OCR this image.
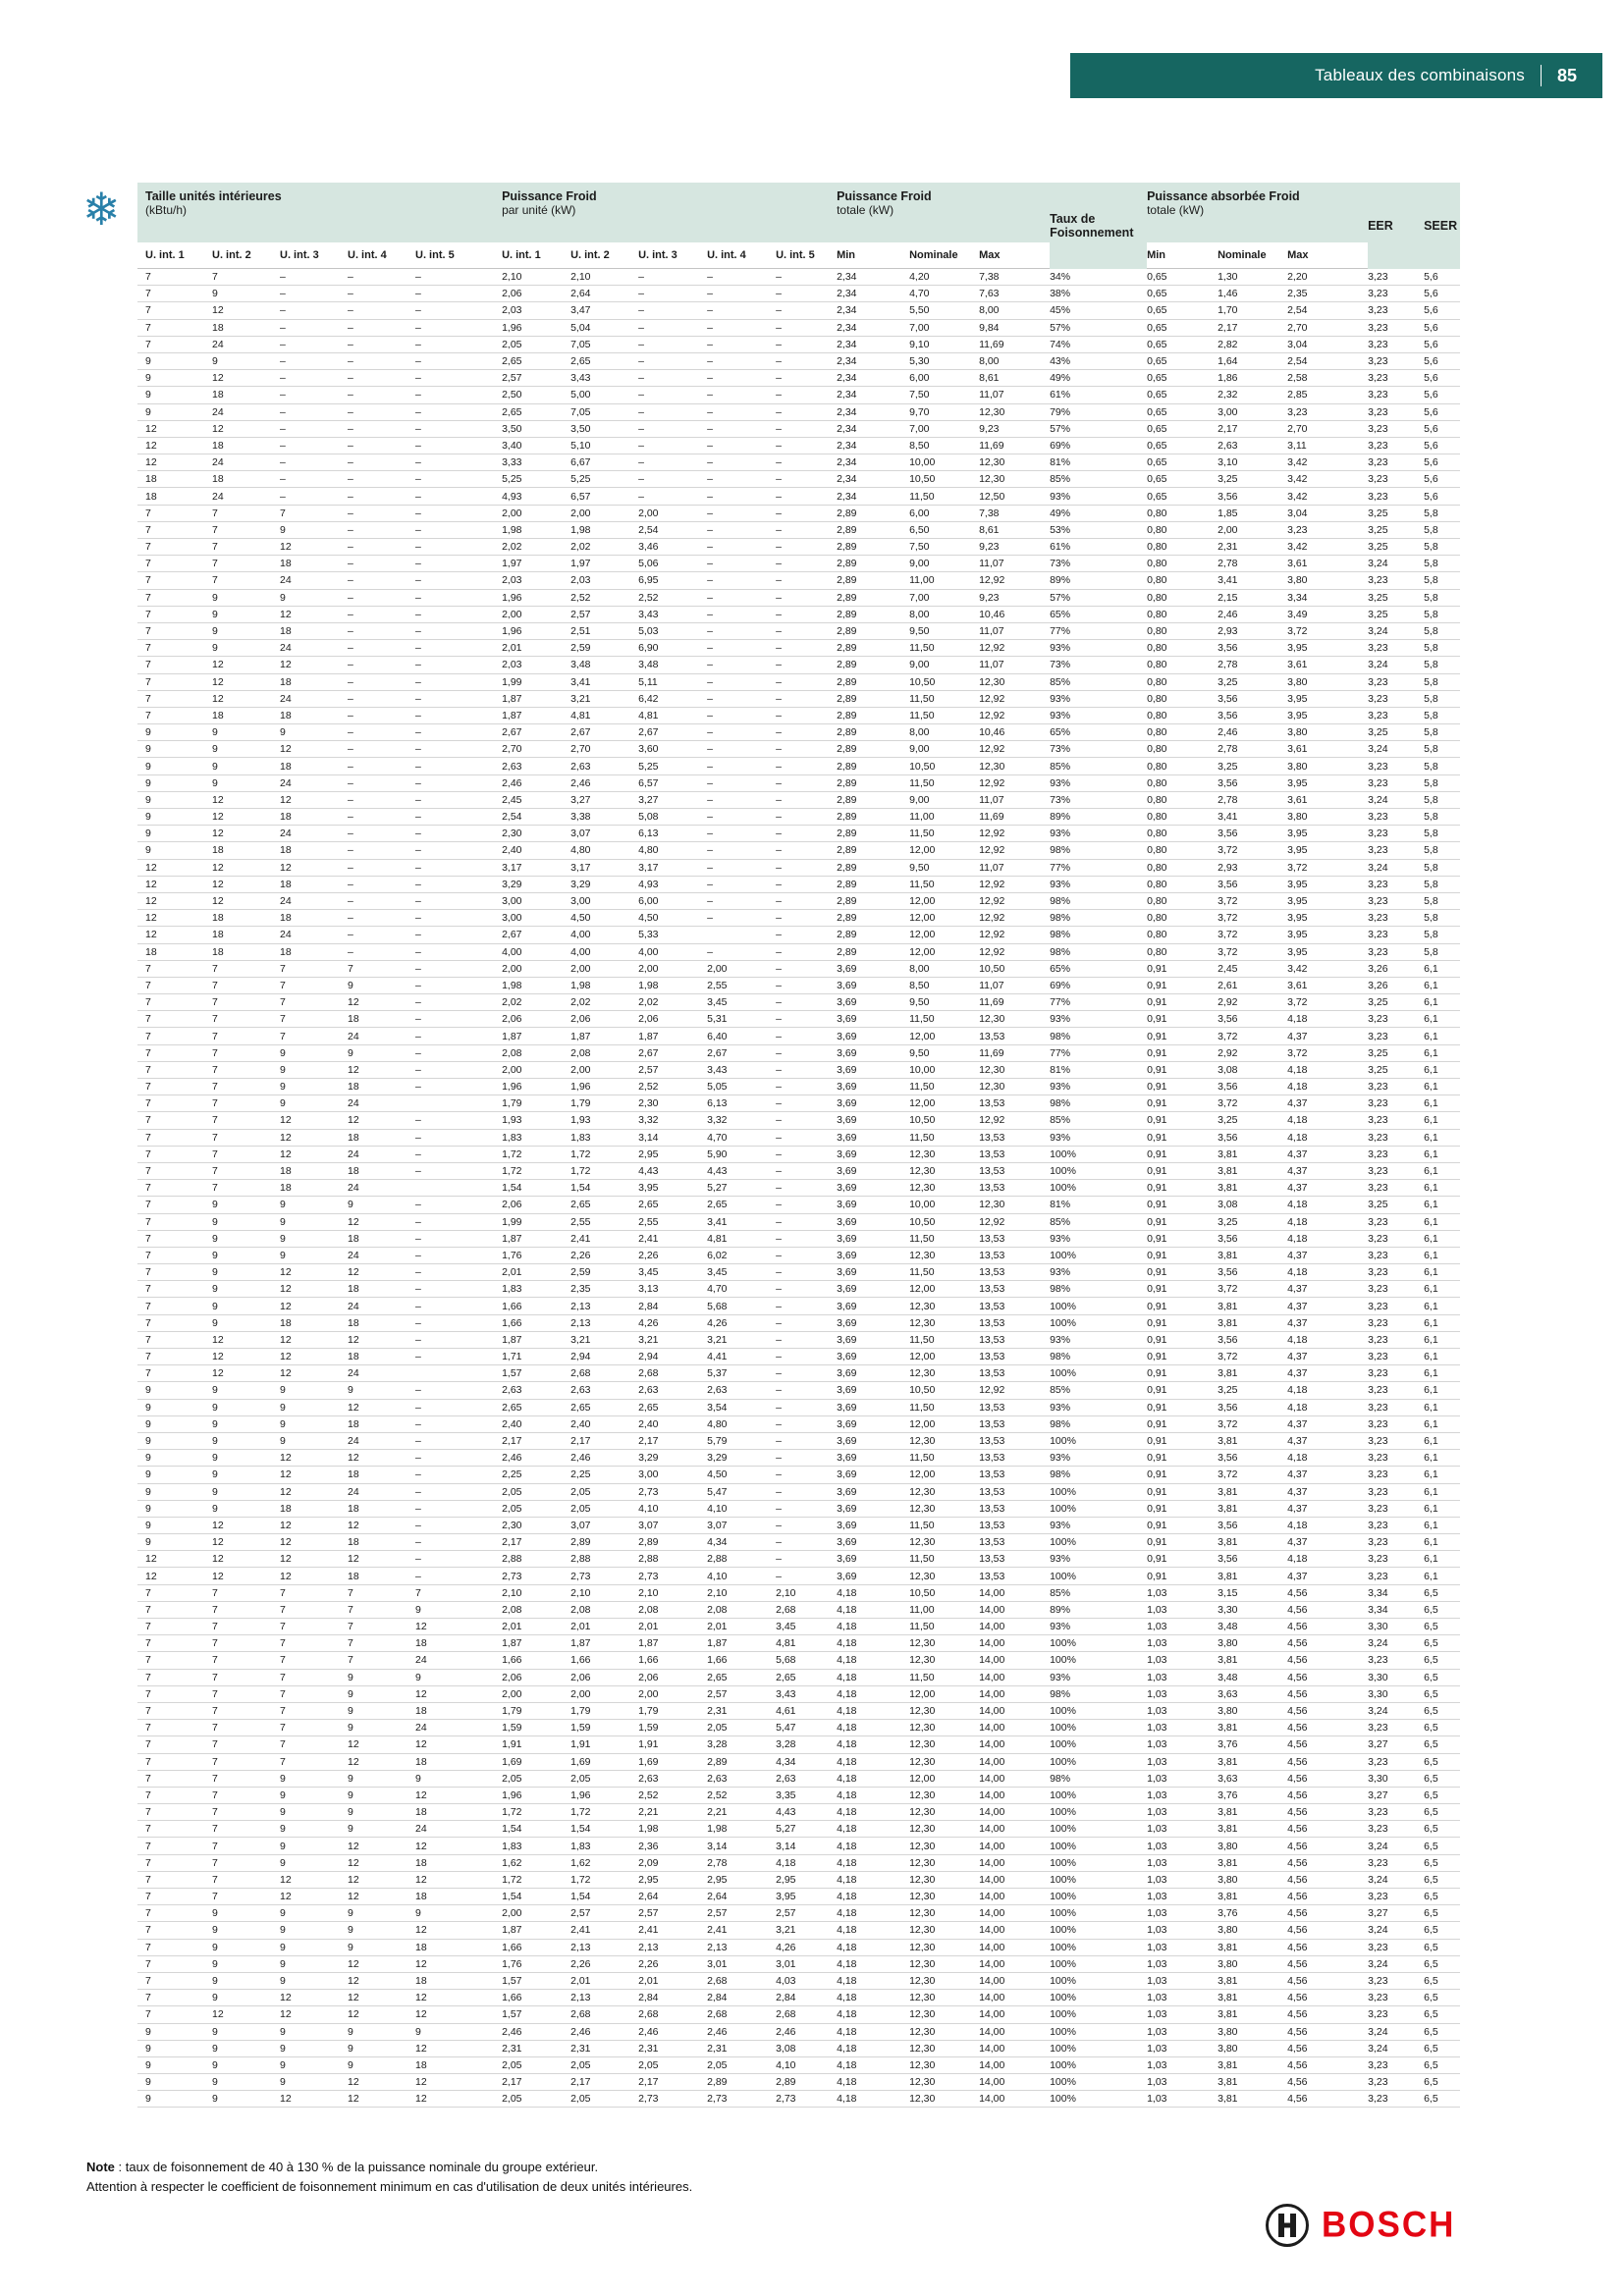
Tableaux des combinaisons	85
❄ Taille unités intérieures
(kBtu/h)

Puissance Froid
par unité (kW)

Puissance Froid
totale (kW)

Taux de Foisonnement

Puissance absorbée Froid
totale (kW)

EER	SEER

U. int. 1	U. int. 2	U. int. 3	U. int. 4	U. int. 5	U. int. 1	U. int. 2	U. int. 3	U. int. 4	U. int. 5	Min	Nominale	Max		Min	Nominale	Max		
7	7	–	–	–	2,10	2,10	–	–	–	2,34	4,20	7,38	34%	0,65	1,30	2,20	3,23	5,6
7	9	–	–	–	2,06	2,64	–	–	–	2,34	4,70	7,63	38%	0,65	1,46	2,35	3,23	5,6
7	12	–	–	–	2,03	3,47	–	–	–	2,34	5,50	8,00	45%	0,65	1,70	2,54	3,23	5,6
7	18	–	–	–	1,96	5,04	–	–	–	2,34	7,00	9,84	57%	0,65	2,17	2,70	3,23	5,6
7	24	–	–	–	2,05	7,05	–	–	–	2,34	9,10	11,69	74%	0,65	2,82	3,04	3,23	5,6
9	9	–	–	–	2,65	2,65	–	–	–	2,34	5,30	8,00	43%	0,65	1,64	2,54	3,23	5,6
9	12	–	–	–	2,57	3,43	–	–	–	2,34	6,00	8,61	49%	0,65	1,86	2,58	3,23	5,6
9	18	–	–	–	2,50	5,00	–	–	–	2,34	7,50	11,07	61%	0,65	2,32	2,85	3,23	5,6
9	24	–	–	–	2,65	7,05	–	–	–	2,34	9,70	12,30	79%	0,65	3,00	3,23	3,23	5,6
12	12	–	–	–	3,50	3,50	–	–	–	2,34	7,00	9,23	57%	0,65	2,17	2,70	3,23	5,6
12	18	–	–	–	3,40	5,10	–	–	–	2,34	8,50	11,69	69%	0,65	2,63	3,11	3,23	5,6
12	24	–	–	–	3,33	6,67	–	–	–	2,34	10,00	12,30	81%	0,65	3,10	3,42	3,23	5,6
18	18	–	–	–	5,25	5,25	–	–	–	2,34	10,50	12,30	85%	0,65	3,25	3,42	3,23	5,6
18	24	–	–	–	4,93	6,57	–	–	–	2,34	11,50	12,50	93%	0,65	3,56	3,42	3,23	5,6
7	7	7	–	–	2,00	2,00	2,00	–	–	2,89	6,00	7,38	49%	0,80	1,85	3,04	3,25	5,8
7	7	9	–	–	1,98	1,98	2,54	–	–	2,89	6,50	8,61	53%	0,80	2,00	3,23	3,25	5,8
7	7	12	–	–	2,02	2,02	3,46	–	–	2,89	7,50	9,23	61%	0,80	2,31	3,42	3,25	5,8
7	7	18	–	–	1,97	1,97	5,06	–	–	2,89	9,00	11,07	73%	0,80	2,78	3,61	3,24	5,8
7	7	24	–	–	2,03	2,03	6,95	–	–	2,89	11,00	12,92	89%	0,80	3,41	3,80	3,23	5,8
7	9	9	–	–	1,96	2,52	2,52	–	–	2,89	7,00	9,23	57%	0,80	2,15	3,34	3,25	5,8
7	9	12	–	–	2,00	2,57	3,43	–	–	2,89	8,00	10,46	65%	0,80	2,46	3,49	3,25	5,8
7	9	18	–	–	1,96	2,51	5,03	–	–	2,89	9,50	11,07	77%	0,80	2,93	3,72	3,24	5,8
7	9	24	–	–	2,01	2,59	6,90	–	–	2,89	11,50	12,92	93%	0,80	3,56	3,95	3,23	5,8
7	12	12	–	–	2,03	3,48	3,48	–	–	2,89	9,00	11,07	73%	0,80	2,78	3,61	3,24	5,8
7	12	18	–	–	1,99	3,41	5,11	–	–	2,89	10,50	12,30	85%	0,80	3,25	3,80	3,23	5,8
7	12	24	–	–	1,87	3,21	6,42	–	–	2,89	11,50	12,92	93%	0,80	3,56	3,95	3,23	5,8
7	18	18	–	–	1,87	4,81	4,81	–	–	2,89	11,50	12,92	93%	0,80	3,56	3,95	3,23	5,8
9	9	9	–	–	2,67	2,67	2,67	–	–	2,89	8,00	10,46	65%	0,80	2,46	3,80	3,25	5,8
9	9	12	–	–	2,70	2,70	3,60	–	–	2,89	9,00	12,92	73%	0,80	2,78	3,61	3,24	5,8
9	9	18	–	–	2,63	2,63	5,25	–	–	2,89	10,50	12,30	85%	0,80	3,25	3,80	3,23	5,8
9	9	24	–	–	2,46	2,46	6,57	–	–	2,89	11,50	12,92	93%	0,80	3,56	3,95	3,23	5,8
9	12	12	–	–	2,45	3,27	3,27	–	–	2,89	9,00	11,07	73%	0,80	2,78	3,61	3,24	5,8
9	12	18	–	–	2,54	3,38	5,08	–	–	2,89	11,00	11,69	89%	0,80	3,41	3,80	3,23	5,8
9	12	24	–	–	2,30	3,07	6,13	–	–	2,89	11,50	12,92	93%	0,80	3,56	3,95	3,23	5,8
9	18	18	–	–	2,40	4,80	4,80	–	–	2,89	12,00	12,92	98%	0,80	3,72	3,95	3,23	5,8
12	12	12	–	–	3,17	3,17	3,17	–	–	2,89	9,50	11,07	77%	0,80	2,93	3,72	3,24	5,8
12	12	18	–	–	3,29	3,29	4,93	–	–	2,89	11,50	12,92	93%	0,80	3,56	3,95	3,23	5,8
12	12	24	–	–	3,00	3,00	6,00	–	–	2,89	12,00	12,92	98%	0,80	3,72	3,95	3,23	5,8
12	18	18	–	–	3,00	4,50	4,50	–	–	2,89	12,00	12,92	98%	0,80	3,72	3,95	3,23	5,8
12	18	24	–	–	2,67	4,00	5,33		–	2,89	12,00	12,92	98%	0,80	3,72	3,95	3,23	5,8
18	18	18	–	–	4,00	4,00	4,00	–	–	2,89	12,00	12,92	98%	0,80	3,72	3,95	3,23	5,8
7	7	7	7	–	2,00	2,00	2,00	2,00	–	3,69	8,00	10,50	65%	0,91	2,45	3,42	3,26	6,1
7	7	7	9	–	1,98	1,98	1,98	2,55	–	3,69	8,50	11,07	69%	0,91	2,61	3,61	3,26	6,1
7	7	7	12	–	2,02	2,02	2,02	3,45	–	3,69	9,50	11,69	77%	0,91	2,92	3,72	3,25	6,1
7	7	7	18	–	2,06	2,06	2,06	5,31	–	3,69	11,50	12,30	93%	0,91	3,56	4,18	3,23	6,1
7	7	7	24	–	1,87	1,87	1,87	6,40	–	3,69	12,00	13,53	98%	0,91	3,72	4,37	3,23	6,1
7	7	9	9	–	2,08	2,08	2,67	2,67	–	3,69	9,50	11,69	77%	0,91	2,92	3,72	3,25	6,1
7	7	9	12	–	2,00	2,00	2,57	3,43	–	3,69	10,00	12,30	81%	0,91	3,08	4,18	3,25	6,1
7	7	9	18	–	1,96	1,96	2,52	5,05	–	3,69	11,50	12,30	93%	0,91	3,56	4,18	3,23	6,1
7	7	9	24		1,79	1,79	2,30	6,13	–	3,69	12,00	13,53	98%	0,91	3,72	4,37	3,23	6,1
7	7	12	12	–	1,93	1,93	3,32	3,32	–	3,69	10,50	12,92	85%	0,91	3,25	4,18	3,23	6,1
7	7	12	18	–	1,83	1,83	3,14	4,70	–	3,69	11,50	13,53	93%	0,91	3,56	4,18	3,23	6,1
7	7	12	24	–	1,72	1,72	2,95	5,90	–	3,69	12,30	13,53	100%	0,91	3,81	4,37	3,23	6,1
7	7	18	18	–	1,72	1,72	4,43	4,43	–	3,69	12,30	13,53	100%	0,91	3,81	4,37	3,23	6,1
7	7	18	24		1,54	1,54	3,95	5,27	–	3,69	12,30	13,53	100%	0,91	3,81	4,37	3,23	6,1
7	9	9	9	–	2,06	2,65	2,65	2,65	–	3,69	10,00	12,30	81%	0,91	3,08	4,18	3,25	6,1
7	9	9	12	–	1,99	2,55	2,55	3,41	–	3,69	10,50	12,92	85%	0,91	3,25	4,18	3,23	6,1
7	9	9	18	–	1,87	2,41	2,41	4,81	–	3,69	11,50	13,53	93%	0,91	3,56	4,18	3,23	6,1
7	9	9	24	–	1,76	2,26	2,26	6,02	–	3,69	12,30	13,53	100%	0,91	3,81	4,37	3,23	6,1
7	9	12	12	–	2,01	2,59	3,45	3,45	–	3,69	11,50	13,53	93%	0,91	3,56	4,18	3,23	6,1
7	9	12	18	–	1,83	2,35	3,13	4,70	–	3,69	12,00	13,53	98%	0,91	3,72	4,37	3,23	6,1
7	9	12	24	–	1,66	2,13	2,84	5,68	–	3,69	12,30	13,53	100%	0,91	3,81	4,37	3,23	6,1
7	9	18	18	–	1,66	2,13	4,26	4,26	–	3,69	12,30	13,53	100%	0,91	3,81	4,37	3,23	6,1
7	12	12	12	–	1,87	3,21	3,21	3,21	–	3,69	11,50	13,53	93%	0,91	3,56	4,18	3,23	6,1
7	12	12	18	–	1,71	2,94	2,94	4,41	–	3,69	12,00	13,53	98%	0,91	3,72	4,37	3,23	6,1
7	12	12	24		1,57	2,68	2,68	5,37	–	3,69	12,30	13,53	100%	0,91	3,81	4,37	3,23	6,1
9	9	9	9	–	2,63	2,63	2,63	2,63	–	3,69	10,50	12,92	85%	0,91	3,25	4,18	3,23	6,1
9	9	9	12	–	2,65	2,65	2,65	3,54	–	3,69	11,50	13,53	93%	0,91	3,56	4,18	3,23	6,1
9	9	9	18	–	2,40	2,40	2,40	4,80	–	3,69	12,00	13,53	98%	0,91	3,72	4,37	3,23	6,1
9	9	9	24	–	2,17	2,17	2,17	5,79	–	3,69	12,30	13,53	100%	0,91	3,81	4,37	3,23	6,1
9	9	12	12	–	2,46	2,46	3,29	3,29	–	3,69	11,50	13,53	93%	0,91	3,56	4,18	3,23	6,1
9	9	12	18	–	2,25	2,25	3,00	4,50	–	3,69	12,00	13,53	98%	0,91	3,72	4,37	3,23	6,1
9	9	12	24	–	2,05	2,05	2,73	5,47	–	3,69	12,30	13,53	100%	0,91	3,81	4,37	3,23	6,1
9	9	18	18	–	2,05	2,05	4,10	4,10	–	3,69	12,30	13,53	100%	0,91	3,81	4,37	3,23	6,1
9	12	12	12	–	2,30	3,07	3,07	3,07	–	3,69	11,50	13,53	93%	0,91	3,56	4,18	3,23	6,1
9	12	12	18	–	2,17	2,89	2,89	4,34	–	3,69	12,30	13,53	100%	0,91	3,81	4,37	3,23	6,1
12	12	12	12	–	2,88	2,88	2,88	2,88	–	3,69	11,50	13,53	93%	0,91	3,56	4,18	3,23	6,1
12	12	12	18	–	2,73	2,73	2,73	4,10	–	3,69	12,30	13,53	100%	0,91	3,81	4,37	3,23	6,1
7	7	7	7	7	2,10	2,10	2,10	2,10	2,10	4,18	10,50	14,00	85%	1,03	3,15	4,56	3,34	6,5
7	7	7	7	9	2,08	2,08	2,08	2,08	2,68	4,18	11,00	14,00	89%	1,03	3,30	4,56	3,34	6,5
7	7	7	7	12	2,01	2,01	2,01	2,01	3,45	4,18	11,50	14,00	93%	1,03	3,48	4,56	3,30	6,5
7	7	7	7	18	1,87	1,87	1,87	1,87	4,81	4,18	12,30	14,00	100%	1,03	3,80	4,56	3,24	6,5
7	7	7	7	24	1,66	1,66	1,66	1,66	5,68	4,18	12,30	14,00	100%	1,03	3,81	4,56	3,23	6,5
7	7	7	9	9	2,06	2,06	2,06	2,65	2,65	4,18	11,50	14,00	93%	1,03	3,48	4,56	3,30	6,5
7	7	7	9	12	2,00	2,00	2,00	2,57	3,43	4,18	12,00	14,00	98%	1,03	3,63	4,56	3,30	6,5
7	7	7	9	18	1,79	1,79	1,79	2,31	4,61	4,18	12,30	14,00	100%	1,03	3,80	4,56	3,24	6,5
7	7	7	9	24	1,59	1,59	1,59	2,05	5,47	4,18	12,30	14,00	100%	1,03	3,81	4,56	3,23	6,5
7	7	7	12	12	1,91	1,91	1,91	3,28	3,28	4,18	12,30	14,00	100%	1,03	3,76	4,56	3,27	6,5
7	7	7	12	18	1,69	1,69	1,69	2,89	4,34	4,18	12,30	14,00	100%	1,03	3,81	4,56	3,23	6,5
7	7	9	9	9	2,05	2,05	2,63	2,63	2,63	4,18	12,00	14,00	98%	1,03	3,63	4,56	3,30	6,5
7	7	9	9	12	1,96	1,96	2,52	2,52	3,35	4,18	12,30	14,00	100%	1,03	3,76	4,56	3,27	6,5
7	7	9	9	18	1,72	1,72	2,21	2,21	4,43	4,18	12,30	14,00	100%	1,03	3,81	4,56	3,23	6,5
7	7	9	9	24	1,54	1,54	1,98	1,98	5,27	4,18	12,30	14,00	100%	1,03	3,81	4,56	3,23	6,5
7	7	9	12	12	1,83	1,83	2,36	3,14	3,14	4,18	12,30	14,00	100%	1,03	3,80	4,56	3,24	6,5
7	7	9	12	18	1,62	1,62	2,09	2,78	4,18	4,18	12,30	14,00	100%	1,03	3,81	4,56	3,23	6,5
7	7	12	12	12	1,72	1,72	2,95	2,95	2,95	4,18	12,30	14,00	100%	1,03	3,80	4,56	3,24	6,5
7	7	12	12	18	1,54	1,54	2,64	2,64	3,95	4,18	12,30	14,00	100%	1,03	3,81	4,56	3,23	6,5
7	9	9	9	9	2,00	2,57	2,57	2,57	2,57	4,18	12,30	14,00	100%	1,03	3,76	4,56	3,27	6,5
7	9	9	9	12	1,87	2,41	2,41	2,41	3,21	4,18	12,30	14,00	100%	1,03	3,80	4,56	3,24	6,5
7	9	9	9	18	1,66	2,13	2,13	2,13	4,26	4,18	12,30	14,00	100%	1,03	3,81	4,56	3,23	6,5
7	9	9	12	12	1,76	2,26	2,26	3,01	3,01	4,18	12,30	14,00	100%	1,03	3,80	4,56	3,24	6,5
7	9	9	12	18	1,57	2,01	2,01	2,68	4,03	4,18	12,30	14,00	100%	1,03	3,81	4,56	3,23	6,5
7	9	12	12	12	1,66	2,13	2,84	2,84	2,84	4,18	12,30	14,00	100%	1,03	3,81	4,56	3,23	6,5
7	12	12	12	12	1,57	2,68	2,68	2,68	2,68	4,18	12,30	14,00	100%	1,03	3,81	4,56	3,23	6,5
9	9	9	9	9	2,46	2,46	2,46	2,46	2,46	4,18	12,30	14,00	100%	1,03	3,80	4,56	3,24	6,5
9	9	9	9	12	2,31	2,31	2,31	2,31	3,08	4,18	12,30	14,00	100%	1,03	3,80	4,56	3,24	6,5
9	9	9	9	18	2,05	2,05	2,05	2,05	4,10	4,18	12,30	14,00	100%	1,03	3,81	4,56	3,23	6,5
9	9	9	12	12	2,17	2,17	2,17	2,89	2,89	4,18	12,30	14,00	100%	1,03	3,81	4,56	3,23	6,5
9	9	12	12	12	2,05	2,05	2,73	2,73	2,73	4,18	12,30	14,00	100%	1,03	3,81	4,56	3,23	6,5
Note : taux de foisonnement de 40 à 130 % de la puissance nominale du groupe extérieur.
Attention à respecter le coefficient de foisonnement minimum en cas d'utilisation de deux unités intérieures.
BOSCH
